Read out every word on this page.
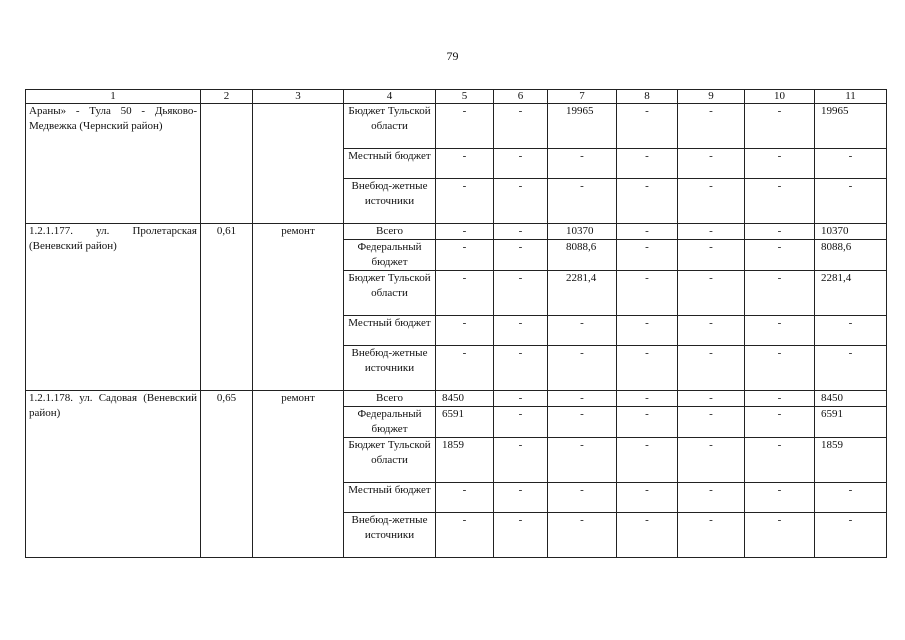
79
1	2	3	4	5	6	7	8	9	10	11
Араны» - Тула 50 - Дьяково-Медвежка (Чернский район)			Бюджет Тульской области	-	-	19965	-	-	-	19965
			Местный бюджет	-	-	-	-	-	-	-
			Внебюд-жетные источники	-	-	-	-	-	-	-
1.2.1.177. ул. Пролетарская (Веневский район)	0,61	ремонт	Всего	-	-	10370	-	-	-	10370
			Федеральный бюджет	-	-	8088,6	-	-	-	8088,6
			Бюджет Тульской области	-	-	2281,4	-	-	-	2281,4
			Местный бюджет	-	-	-	-	-	-	-
			Внебюд-жетные источники	-	-	-	-	-	-	-
1.2.1.178. ул. Садовая (Веневский район)	0,65	ремонт	Всего	8450	-	-	-	-	-	8450
			Федеральный бюджет	6591	-	-	-	-	-	6591
			Бюджет Тульской области	1859	-	-	-	-	-	1859
			Местный бюджет	-	-	-	-	-	-	-
			Внебюд-жетные источники	-	-	-	-	-	-	-
